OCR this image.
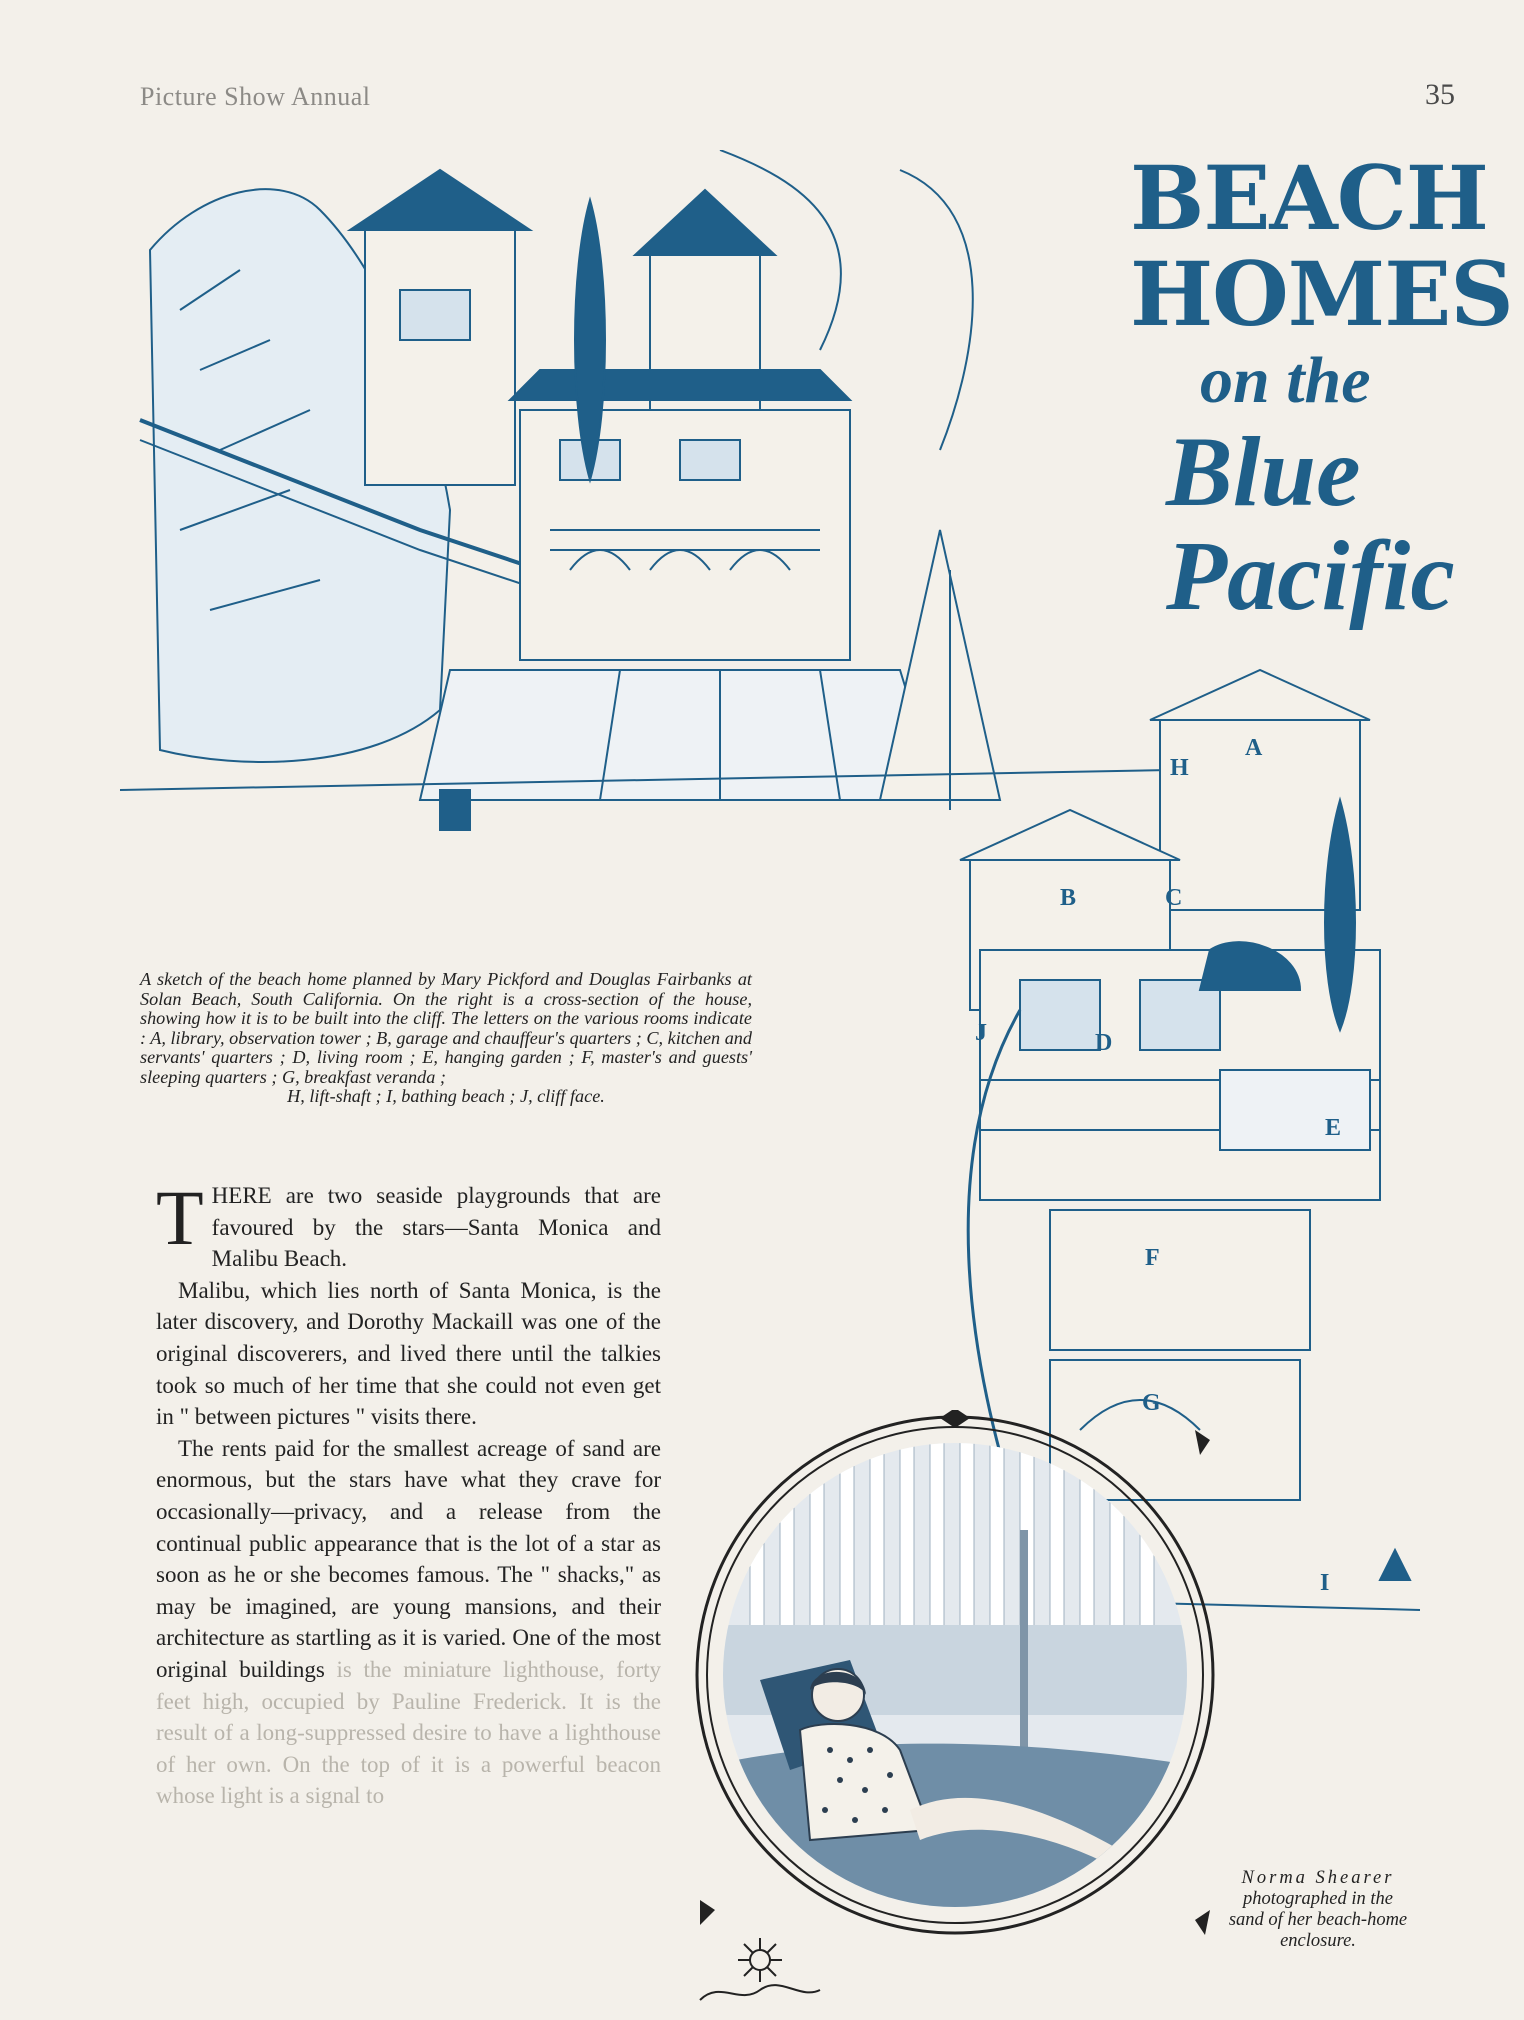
Picture Show Annual	35
BEACH
HOMES
on the
Blue
Pacific
A
B	C
D
E
F
G
H
I
J
A sketch of the beach home planned by Mary Pickford and Douglas Fairbanks at Solan Beach, South California. On the right is a cross-section of the house, showing how it is to be built into the cliff. The letters on the various rooms indicate : A, library, observation tower ; B, garage and chauffeur's quarters ; C, kitchen and servants' quarters ; D, living room ; E, hanging garden ; F, master's and guests' sleeping quarters ; G, breakfast veranda ;
H, lift-shaft ; I, bathing beach ; J, cliff face.

THERE are two seaside playgrounds that are favoured by the stars—Santa Monica and Malibu Beach.

Malibu, which lies north of Santa Monica, is the later discovery, and Dorothy Mackaill was one of the original discoverers, and lived there until the talkies took so much of her time that she could not even get in " between pictures " visits there.

The rents paid for the smallest acreage of sand are enormous, but the stars have what they crave for occasionally—privacy, and a release from the continual public appearance that is the lot of a star as soon as he or she becomes famous. The " shacks," as may be imagined, are young mansions, and their architecture as startling as it is varied. One of the most original buildings is the miniature lighthouse, forty feet high, occupied by Pauline Frederick. It is the result of a long-suppressed desire to have a lighthouse of her own. On the top of it is a powerful beacon whose light is a signal to

Norma Shearer
photographed in the
sand of her beach-home
enclosure.
